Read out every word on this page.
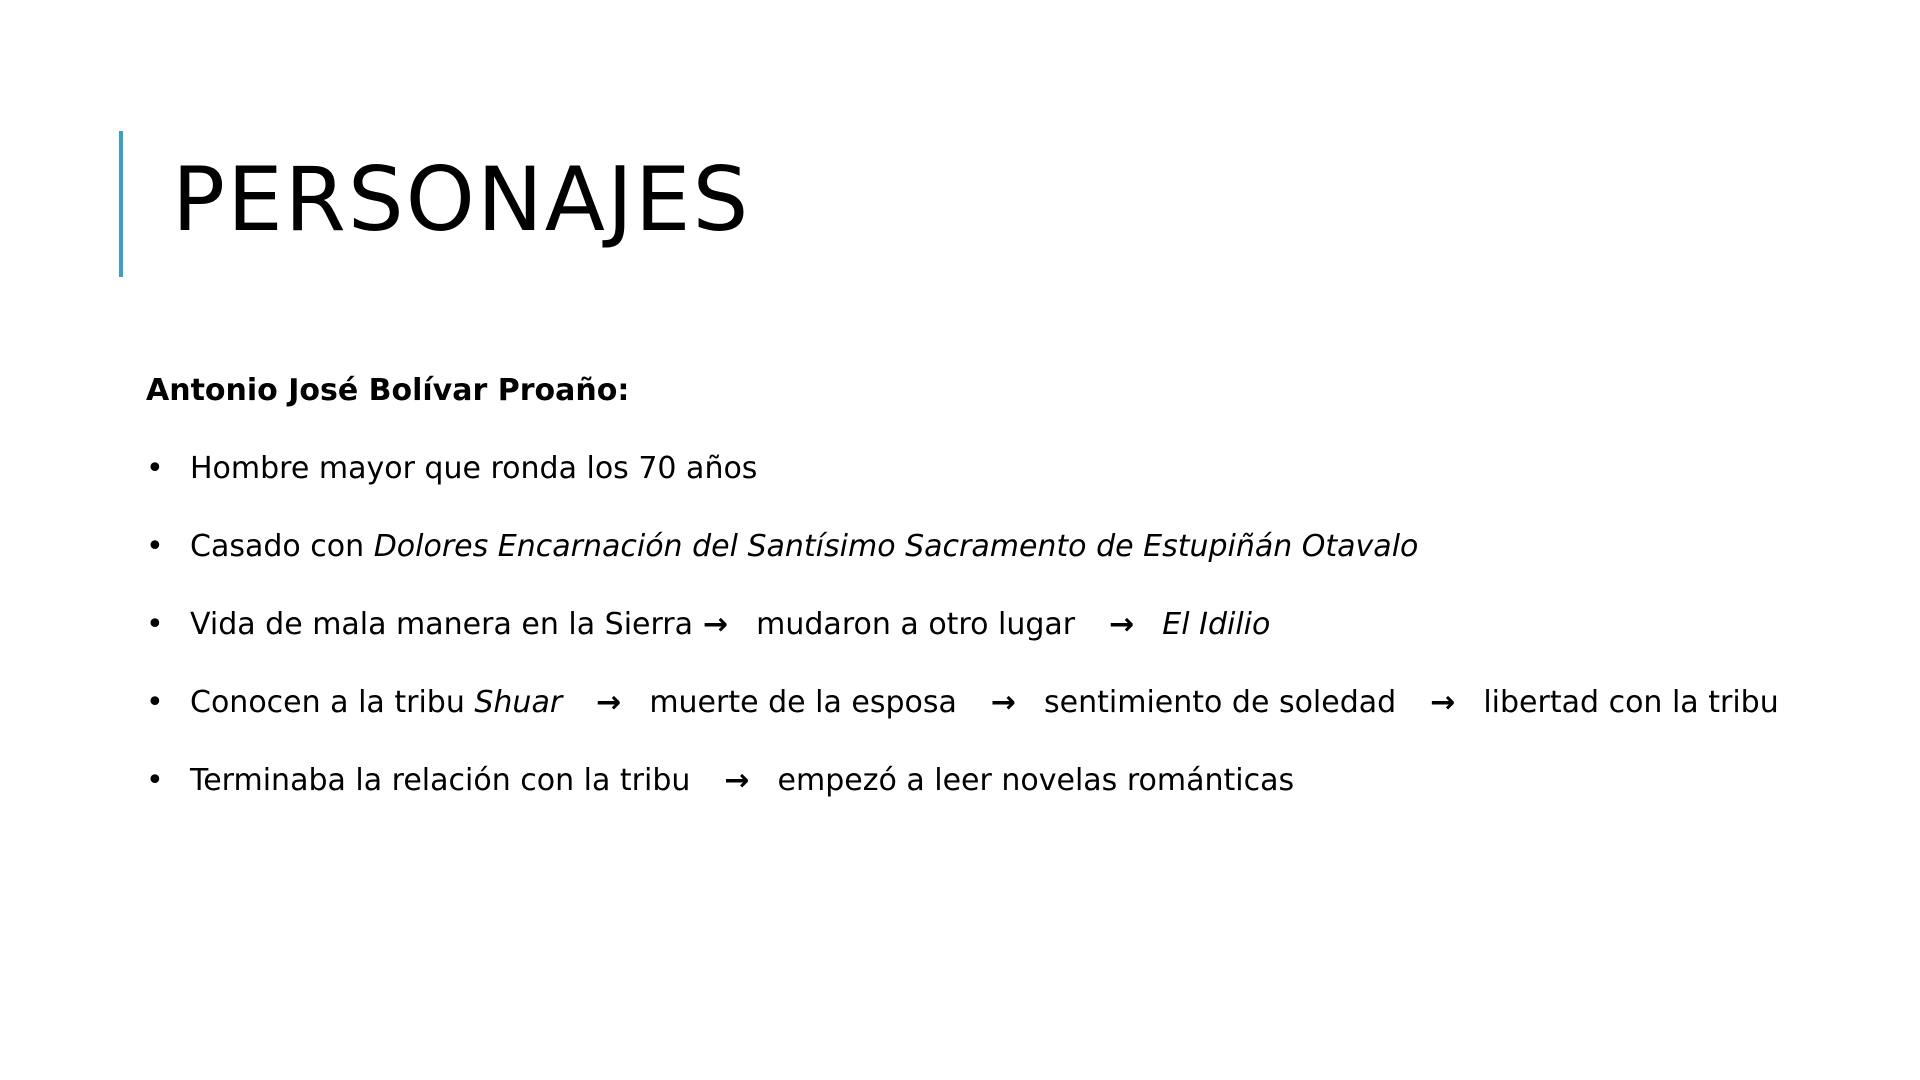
PERSONAJES

Antonio José Bolívar Proaño:

• Hombre mayor que ronda los 70 años
• Casado con Dolores Encarnación del Santísimo Sacramento de Estupiñán Otavalo
• Vida de mala manera en la Sierra → mudaron a otro lugar → El Idilio
• Conocen a la tribu Shuar → muerte de la esposa → sentimiento de soledad → libertad con la tribu
• Terminaba la relación con la tribu → empezó a leer novelas románticas
